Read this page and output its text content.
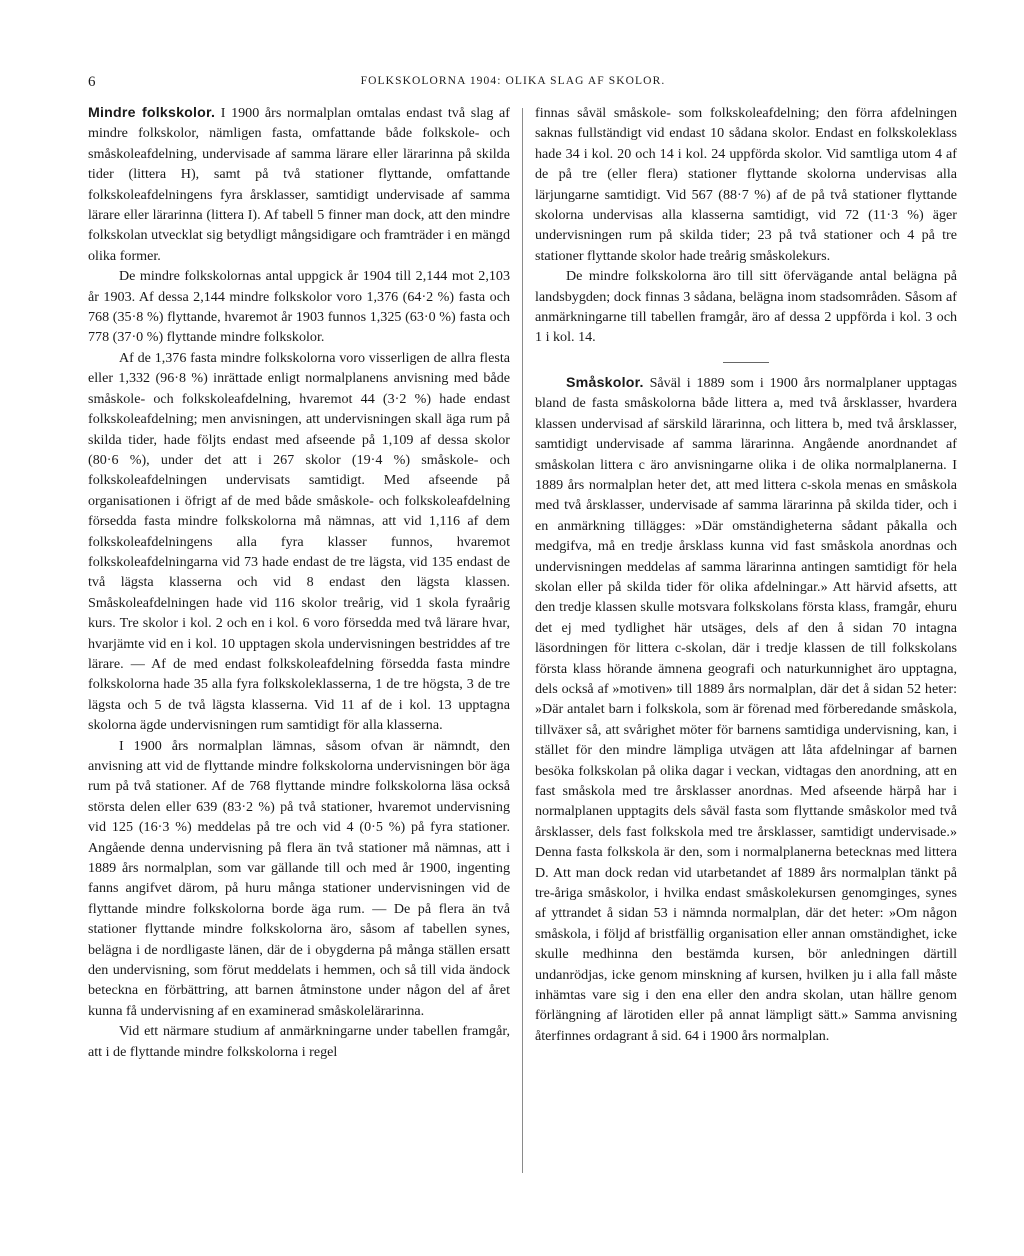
6	FOLKSKOLORNA 1904: OLIKA SLAG AF SKOLOR.

Mindre folkskolor. I 1900 års normalplan omtalas endast två slag af mindre folkskolor, nämligen fasta, omfattande både folkskole- och småskoleafdelning, undervisade af samma lärare eller lärarinna på skilda tider (littera H), samt på två stationer flyttande, omfattande folkskoleafdelningens fyra årsklasser, samtidigt undervisade af samma lärare eller lärarinna (littera I). Af tabell 5 finner man dock, att den mindre folkskolan utvecklat sig betydligt mångsidigare och framträder i en mängd olika former.

De mindre folkskolornas antal uppgick år 1904 till 2,144 mot 2,103 år 1903. Af dessa 2,144 mindre folkskolor voro 1,376 (64·2 %) fasta och 768 (35·8 %) flyttande, hvaremot år 1903 funnos 1,325 (63·0 %) fasta och 778 (37·0 %) flyttande mindre folkskolor.

Af de 1,376 fasta mindre folkskolorna voro visserligen de allra flesta eller 1,332 (96·8 %) inrättade enligt normalplanens anvisning med både småskole- och folkskoleafdelning, hvaremot 44 (3·2 %) hade endast folkskoleafdelning; men anvisningen, att undervisningen skall äga rum på skilda tider, hade följts endast med afseende på 1,109 af dessa skolor (80·6 %), under det att i 267 skolor (19·4 %) småskole- och folkskoleafdelningen undervisats samtidigt. Med afseende på organisationen i öfrigt af de med både småskole- och folkskoleafdelning försedda fasta mindre folkskolorna må nämnas, att vid 1,116 af dem folkskoleafdelningens alla fyra klasser funnos, hvaremot folkskoleafdelningarna vid 73 hade endast de tre lägsta, vid 135 endast de två lägsta klasserna och vid 8 endast den lägsta klassen. Småskoleafdelningen hade vid 116 skolor treårig, vid 1 skola fyraårig kurs. Tre skolor i kol. 2 och en i kol. 6 voro försedda med två lärare hvar, hvarjämte vid en i kol. 10 upptagen skola undervisningen bestriddes af tre lärare. — Af de med endast folkskoleafdelning försedda fasta mindre folkskolorna hade 35 alla fyra folkskoleklasserna, 1 de tre högsta, 3 de tre lägsta och 5 de två lägsta klasserna. Vid 11 af de i kol. 13 upptagna skolorna ägde undervisningen rum samtidigt för alla klasserna.

I 1900 års normalplan lämnas, såsom ofvan är nämndt, den anvisning att vid de flyttande mindre folkskolorna undervisningen bör äga rum på två stationer. Af de 768 flyttande mindre folkskolorna läsa också största delen eller 639 (83·2 %) på två stationer, hvaremot undervisning vid 125 (16·3 %) meddelas på tre och vid 4 (0·5 %) på fyra stationer. Angående denna undervisning på flera än två stationer må nämnas, att i 1889 års normalplan, som var gällande till och med år 1900, ingenting fanns angifvet därom, på huru många stationer undervisningen vid de flyttande mindre folkskolorna borde äga rum. — De på flera än två stationer flyttande mindre folkskolorna äro, såsom af tabellen synes, belägna i de nordligaste länen, där de i obygderna på många ställen ersatt den undervisning, som förut meddelats i hemmen, och så till vida ändock beteckna en förbättring, att barnen åtminstone under någon del af året kunna få undervisning af en examinerad småskolelärarinna.

Vid ett närmare studium af anmärkningarne under tabellen framgår, att i de flyttande mindre folkskolorna i regel

finnas såväl småskole- som folkskoleafdelning; den förra afdelningen saknas fullständigt vid endast 10 sådana skolor. Endast en folkskoleklass hade 34 i kol. 20 och 14 i kol. 24 uppförda skolor. Vid samtliga utom 4 af de på tre (eller flera) stationer flyttande skolorna undervisas alla lärjungarne samtidigt. Vid 567 (88·7 %) af de på två stationer flyttande skolorna undervisas alla klasserna samtidigt, vid 72 (11·3 %) äger undervisningen rum på skilda tider; 23 på två stationer och 4 på tre stationer flyttande skolor hade treårig småskolekurs.

De mindre folkskolorna äro till sitt öfervägande antal belägna på landsbygden; dock finnas 3 sådana, belägna inom stadsområden. Såsom af anmärkningarne till tabellen framgår, äro af dessa 2 uppförda i kol. 3 och 1 i kol. 14.

Småskolor. Såväl i 1889 som i 1900 års normalplaner upptagas bland de fasta småskolorna både littera a, med två årsklasser, hvardera klassen undervisad af särskild lärarinna, och littera b, med två årsklasser, samtidigt undervisade af samma lärarinna. Angående anordnandet af småskolan littera c äro anvisningarne olika i de olika normalplanerna. I 1889 års normalplan heter det, att med littera c-skola menas en småskola med två årsklasser, undervisade af samma lärarinna på skilda tider, och i en anmärkning tillägges: »Där omständigheterna sådant påkalla och medgifva, må en tredje årsklass kunna vid fast småskola anordnas och undervisningen meddelas af samma lärarinna antingen samtidigt för hela skolan eller på skilda tider för olika afdelningar.» Att härvid afsetts, att den tredje klassen skulle motsvara folkskolans första klass, framgår, ehuru det ej med tydlighet här utsäges, dels af den å sidan 70 intagna läsordningen för littera c-skolan, där i tredje klassen de till folkskolans första klass hörande ämnena geografi och naturkunnighet äro upptagna, dels också af »motiven» till 1889 års normalplan, där det å sidan 52 heter: »Där antalet barn i folkskola, som är förenad med förberedande småskola, tillväxer så, att svårighet möter för barnens samtidiga undervisning, kan, i stället för den mindre lämpliga utvägen att låta afdelningar af barnen besöka folkskolan på olika dagar i veckan, vidtagas den anordning, att en fast småskola med tre årsklasser anordnas. Med afseende härpå har i normalplanen upptagits dels såväl fasta som flyttande småskolor med två årsklasser, dels fast folkskola med tre årsklasser, samtidigt undervisade.» Denna fasta folkskola är den, som i normalplanerna betecknas med littera D. Att man dock redan vid utarbetandet af 1889 års normalplan tänkt på tre-åriga småskolor, i hvilka endast småskolekursen genomginges, synes af yttrandet å sidan 53 i nämnda normalplan, där det heter: »Om någon småskola, i följd af bristfällig organisation eller annan omständighet, icke skulle medhinna den bestämda kursen, bör anledningen därtill undanrödjas, icke genom minskning af kursen, hvilken ju i alla fall måste inhämtas vare sig i den ena eller den andra skolan, utan hällre genom förlängning af lärotiden eller på annat lämpligt sätt.» Samma anvisning återfinnes ordagrant å sid. 64 i 1900 års normalplan.
